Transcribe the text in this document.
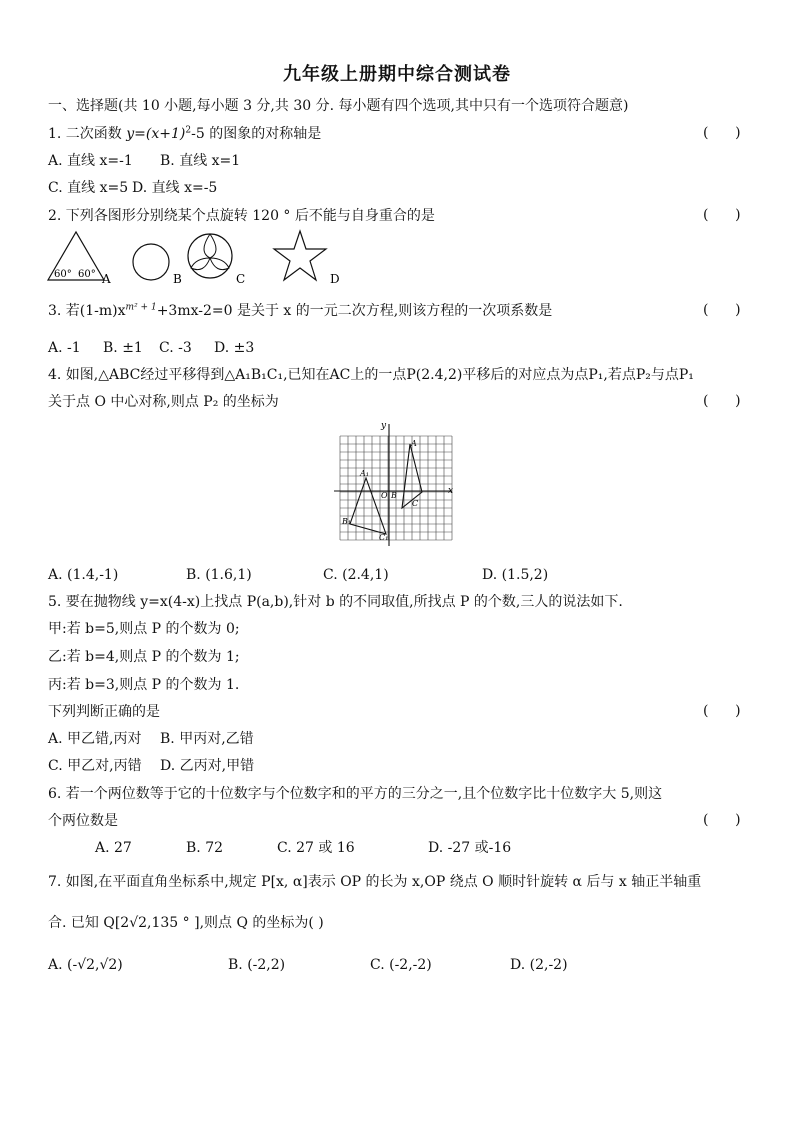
九年级上册期中综合测试卷
一、选择题(共 10 小题,每小题 3 分,共 30 分. 每小题有四个选项,其中只有一个选项符合题意)
1. 二次函数 $y=(x+1)^2-5$ 的图象的对称轴是	(      )
A. 直线 x=-1 B. 直线 x=1
C. 直线 x=5 D. 直线 x=-5
2. 下列各图形分别绕某个点旋转 120 ° 后不能与自身重合的是	(      )
60° 60° A	B	C	D
3. 若$(1-m)x^{m^2 + 1}+3mx-2=0$ 是关于 x 的一元二次方程,则该方程的一次项系数是	(      )
A. -1 B. ±1 C. -3 D. ±3
4. 如图,△ABC经过平移得到△A₁B₁C₁,已知在AC上的一点P(2.4,2)平移后的对应点为点P₁,若点P₂与点P₁
关于点 O 中心对称,则点 P₂ 的坐标为	(      )
x
y
O
A
B
C
A₁
B₁
C₁
A. (1.4,-1)	B. (1.6,1)	C. (2.4,1)	D. (1.5,2)
5. 要在抛物线 y=x(4-x)上找点 P(a,b),针对 b 的不同取值,所找点 P 的个数,三人的说法如下.
甲:若 b=5,则点 P 的个数为 0;
乙:若 b=4,则点 P 的个数为 1;
丙:若 b=3,则点 P 的个数为 1.
下列判断正确的是	(      )
A. 甲乙错,丙对 B. 甲丙对,乙错
C. 甲乙对,丙错 D. 乙丙对,甲错
6. 若一个两位数等于它的十位数字与个位数字和的平方的三分之一,且个位数字比十位数字大 5,则这
个两位数是	(      )
A. 27	B. 72	C. 27 或 16	D. -27 或-16
7. 如图,在平面直角坐标系中,规定 P[x, α]表示 OP 的长为 x,OP 绕点 O 顺时针旋转 α 后与 x 轴正半轴重
合. 已知 Q[2√2,135 ° ],则点 Q 的坐标为( )
A. (-√2,√2)	B. (-2,2)	C. (-2,-2)	D. (2,-2)
